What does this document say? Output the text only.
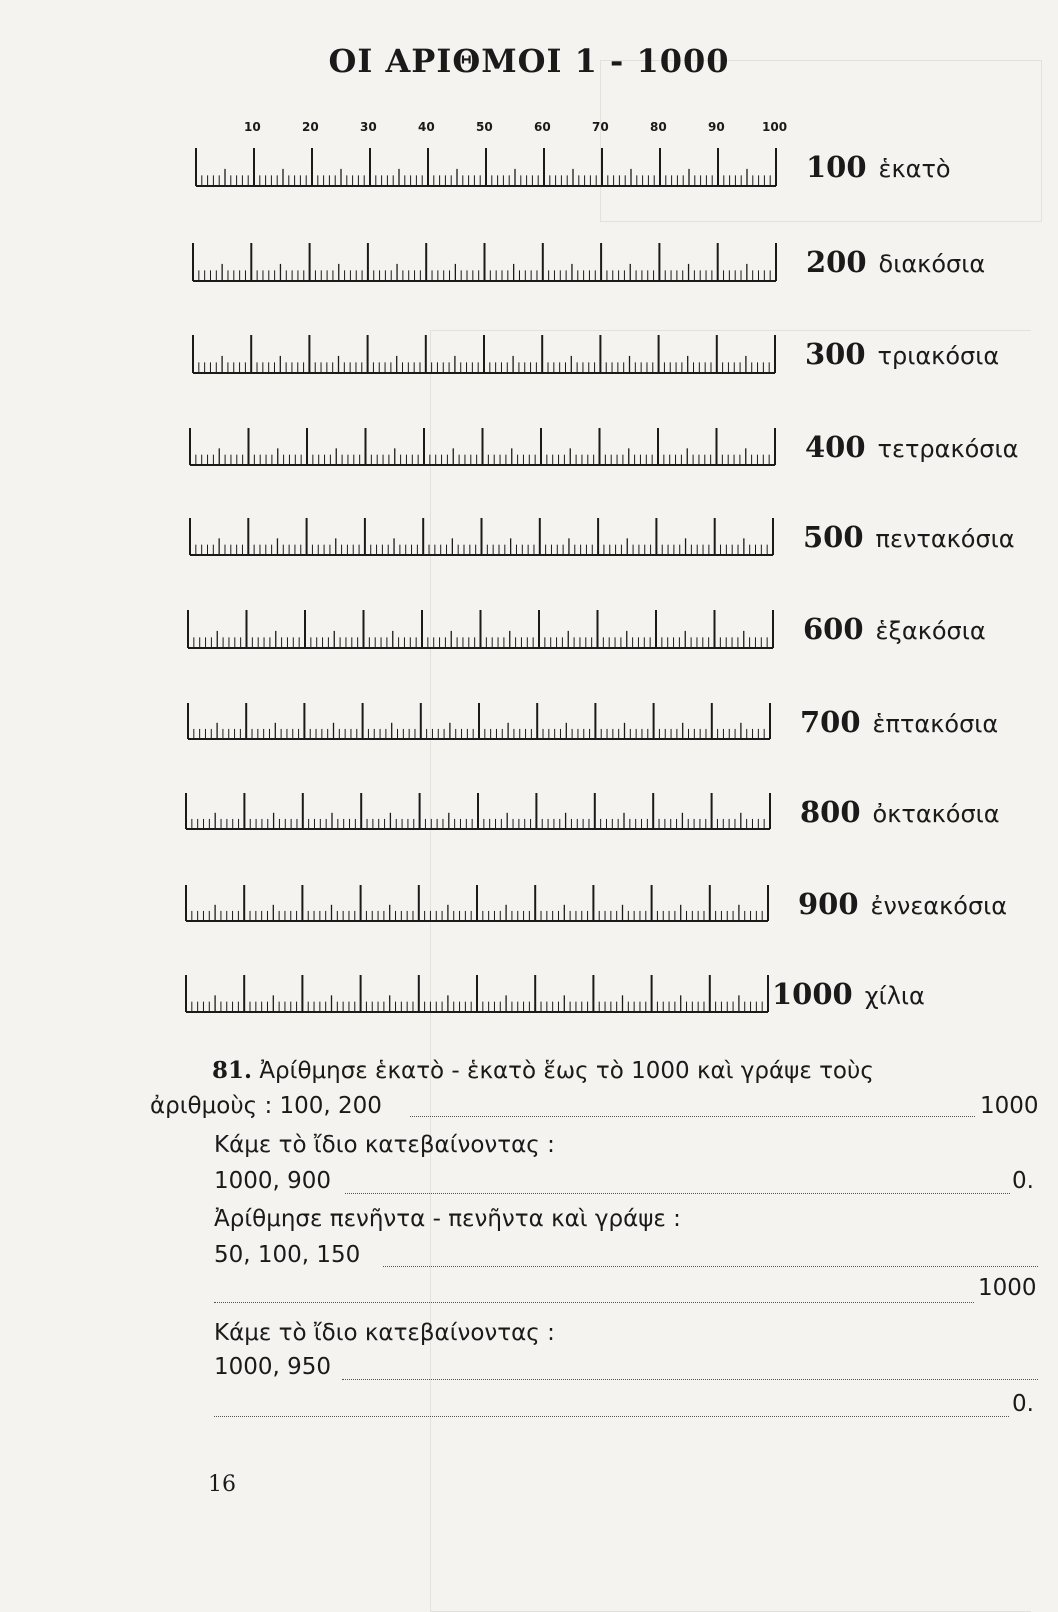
ΟΙ ΑΡΙΘΜΟΙ 1 - 1000
10	20	30	40	50	60	70	80	90	100
100 ἑκατὸ
200 διακόσια
300 τριακόσια
400 τετρακόσια
500 πεντακόσια
600 ἑξακόσια
700 ἑπτακόσια
800 ὀκτακόσια
900 ἐννεακόσια
1000 χίλια
81. Ἀρίθμησε ἑκατὸ - ἑκατὸ ἕως τὸ 1000 καὶ γράψε τοὺς
ἀριθμοὺς : 100, 200	1000
Κάμε τὸ ἴδιο κατεβαίνοντας :
1000, 900	0.
Ἀρίθμησε πενῆντα - πενῆντα καὶ γράψε :
50, 100, 150
1000
Κάμε τὸ ἴδιο κατεβαίνοντας :
1000, 950
0.
16
